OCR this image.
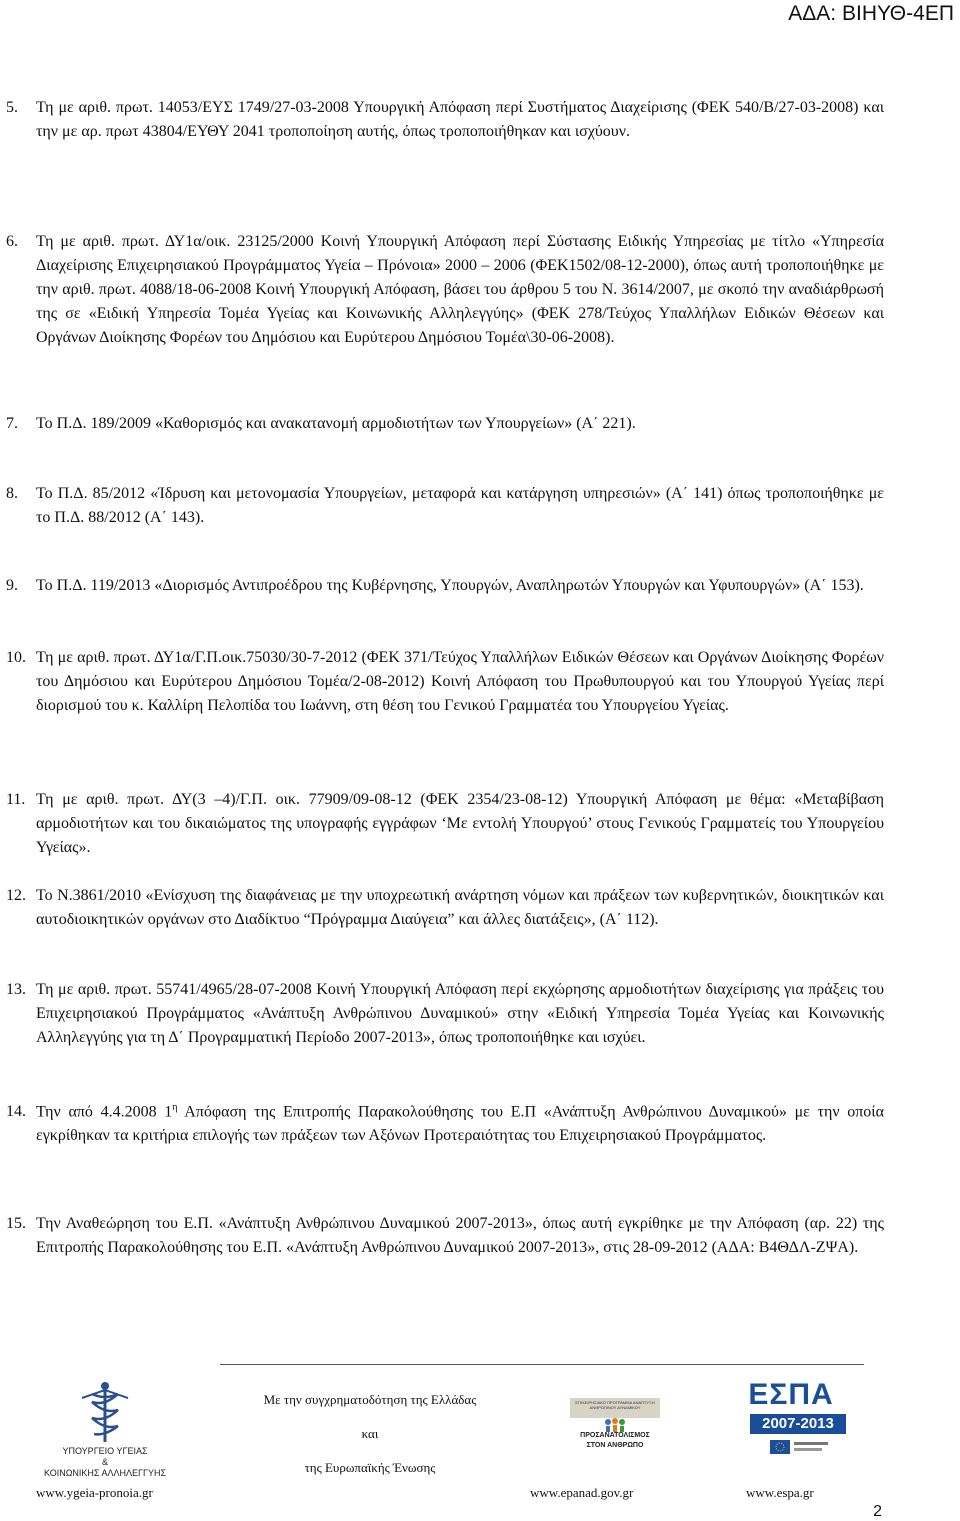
ΑΔΑ: ΒΙΗΥΘ-4ΕΠ
5. Τη με αριθ. πρωτ. 14053/ΕΥΣ 1749/27-03-2008 Υπουργική Απόφαση περί Συστήματος Διαχείρισης (ΦΕΚ 540/Β/27-03-2008) και την με αρ. πρωτ 43804/ΕΥΘΥ 2041 τροποποίηση αυτής, όπως τροποποιήθηκαν και ισχύουν.
6. Τη με αριθ. πρωτ. ΔΥ1α/οικ. 23125/2000 Κοινή Υπουργική Απόφαση περί Σύστασης Ειδικής Υπηρεσίας με τίτλο «Υπηρεσία Διαχείρισης Επιχειρησιακού Προγράμματος Υγεία – Πρόνοια» 2000 – 2006 (ΦΕΚ1502/08-12-2000), όπως αυτή τροποποιήθηκε με την αριθ. πρωτ. 4088/18-06-2008 Κοινή Υπουργική Απόφαση, βάσει του άρθρου 5 του Ν. 3614/2007, με σκοπό την αναδιάρθρωσή της σε «Ειδική Υπηρεσία Τομέα Υγείας και Κοινωνικής Αλληλεγγύης» (ΦΕΚ 278/Τεύχος Υπαλλήλων Ειδικών Θέσεων και Οργάνων Διοίκησης Φορέων του Δημόσιου και Ευρύτερου Δημόσιου Τομέα\30-06-2008).
7. Το Π.Δ. 189/2009 «Καθορισμός και ανακατανομή αρμοδιοτήτων των Υπουργείων» (Α΄ 221).
8. Το Π.Δ. 85/2012 «Ίδρυση και μετονομασία Υπουργείων, μεταφορά και κατάργηση υπηρεσιών» (Α΄ 141) όπως τροποποιήθηκε με το Π.Δ. 88/2012 (Α΄ 143).
9. Το Π.Δ. 119/2013 «Διορισμός Αντιπροέδρου της Κυβέρνησης, Υπουργών, Αναπληρωτών Υπουργών και Υφυπουργών» (Α΄ 153).
10. Τη με αριθ. πρωτ. ΔΥ1α/Γ.Π.οικ.75030/30-7-2012 (ΦΕΚ 371/Τεύχος Υπαλλήλων Ειδικών Θέσεων και Οργάνων Διοίκησης Φορέων του Δημόσιου και Ευρύτερου Δημόσιου Τομέα/2-08-2012) Κοινή Απόφαση του Πρωθυπουργού και του Υπουργού Υγείας περί διορισμού του κ. Καλλίρη Πελοπίδα του Ιωάννη, στη θέση του Γενικού Γραμματέα του Υπουργείου Υγείας.
11. Τη με αριθ. πρωτ. ΔΥ(3 –4)/Γ.Π. οικ. 77909/09-08-12 (ΦΕΚ 2354/23-08-12) Υπουργική Απόφαση με θέμα: «Μεταβίβαση αρμοδιοτήτων και του δικαιώματος της υπογραφής εγγράφων ‘Με εντολή Υπουργού’ στους Γενικούς Γραμματείς του Υπουργείου Υγείας».
12. Το Ν.3861/2010 «Ενίσχυση της διαφάνειας με την υποχρεωτική ανάρτηση νόμων και πράξεων των κυβερνητικών, διοικητικών και αυτοδιοικητικών οργάνων στο Διαδίκτυο “Πρόγραμμα Διαύγεια” και άλλες διατάξεις», (Α΄ 112).
13. Τη με αριθ. πρωτ. 55741/4965/28-07-2008 Κοινή Υπουργική Απόφαση περί εκχώρησης αρμοδιοτήτων διαχείρισης για πράξεις του Επιχειρησιακού Προγράμματος «Ανάπτυξη Ανθρώπινου Δυναμικού» στην «Ειδική Υπηρεσία Τομέα Υγείας και Κοινωνικής Αλληλεγγύης για τη Δ΄ Προγραμματική Περίοδο 2007-2013», όπως τροποποιήθηκε και ισχύει.
14. Την από 4.4.2008 $1^\eta$ Απόφαση της Επιτροπής Παρακολούθησης του Ε.Π «Ανάπτυξη Ανθρώπινου Δυναμικού» με την οποία εγκρίθηκαν τα κριτήρια επιλογής των πράξεων των Αξόνων Προτεραιότητας του Επιχειρησιακού Προγράμματος.
15. Την Αναθεώρηση του Ε.Π. «Ανάπτυξη Ανθρώπινου Δυναμικού 2007-2013», όπως αυτή εγκρίθηκε με την Απόφαση (αρ. 22) της Επιτροπής Παρακολούθησης του Ε.Π. «Ανάπτυξη Ανθρώπινου Δυναμικού 2007-2013», στις 28-09-2012 (ΑΔΑ: Β4ΘΔΛ-ΖΨΑ).
ΥΠΟΥΡΓΕΙΟ ΥΓΕΙΑΣ
&
ΚΟΙΝΩΝΙΚΗΣ ΑΛΛΗΛΕΓΓΥΗΣ
Με την συγχρηματοδότηση της Ελλάδας
και
της Ευρωπαϊκής Ένωσης
ΕΠΙΧΕΙΡΗΣΙΑΚΟ ΠΡΟΓΡΑΜΜΑ ΑΝΑΠΤΥΞΗ ΑΝΘΡΩΠΙΝΟΥ ΔΥΝΑΜΙΚΟΥ
ΠΡΟΣΑΝΑΤΟΛΙΣΜΟΣ
ΣΤΟΝ ΑΝΘΡΩΠΟ
ΕΣΠΑ
2007-2013
www.ygeia-pronoia.gr	www.epanad.gov.gr	www.espa.gr
2
